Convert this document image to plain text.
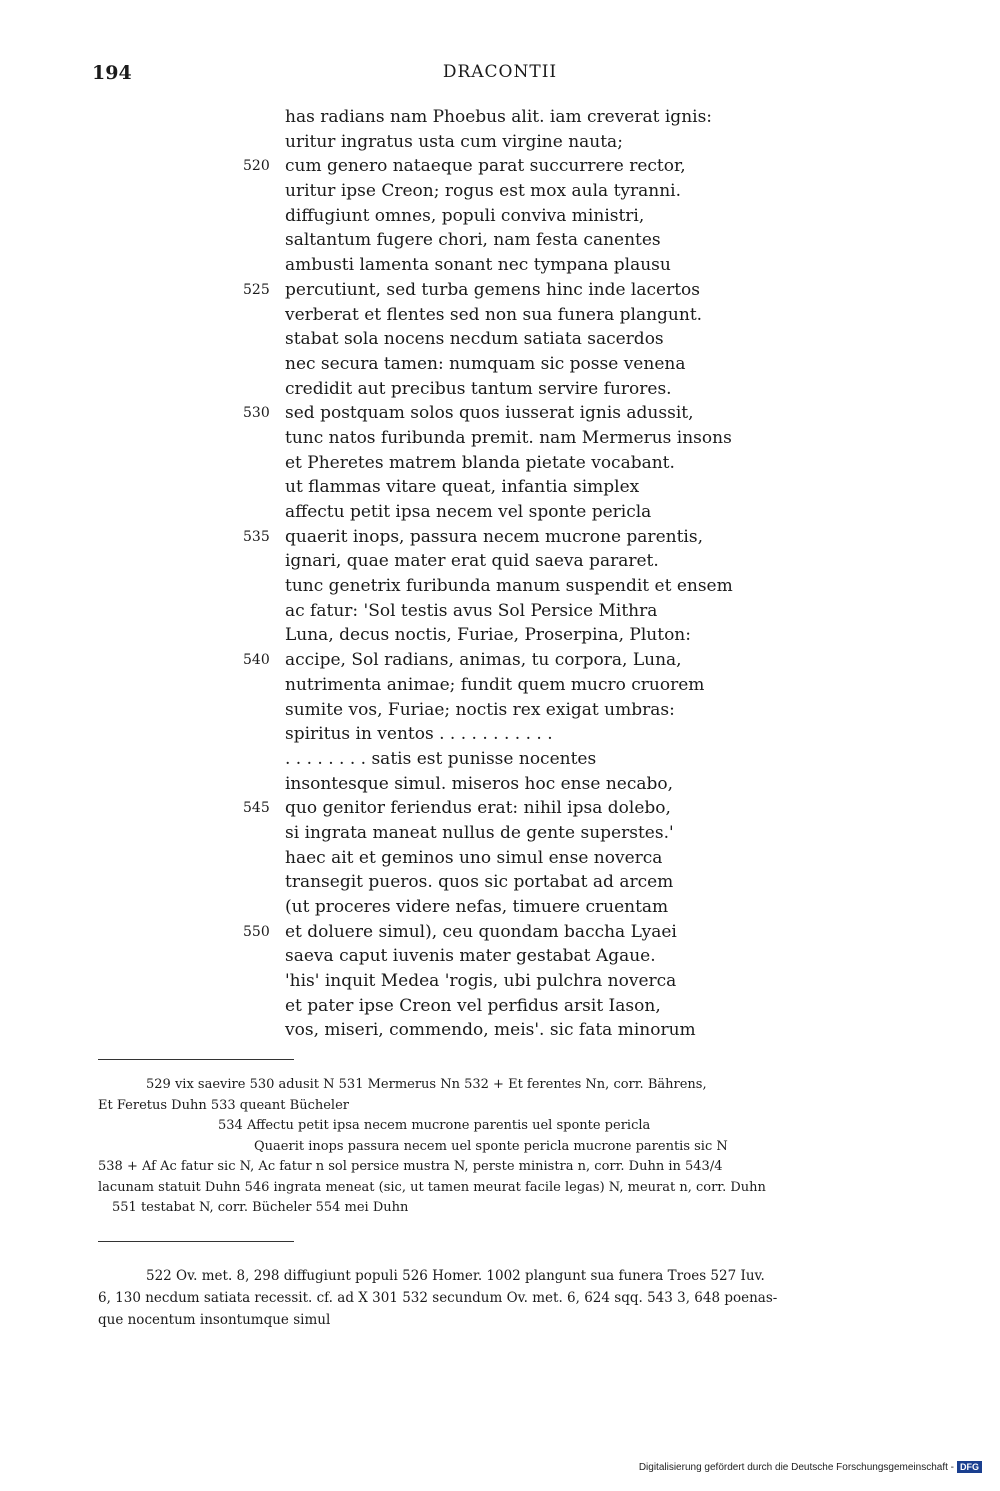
194	DRACONTII
has radians nam Phoebus alit. iam creverat ignis:
uritur ingratus usta cum virgine nauta;
520 cum genero nataeque parat succurrere rector,
uritur ipse Creon; rogus est mox aula tyranni.
diffugiunt omnes, populi conviva ministri,
saltantum fugere chori, nam festa canentes
ambusti lamenta sonant nec tympana plausu
525 percutiunt, sed turba gemens hinc inde lacertos
verberat et flentes sed non sua funera plangunt.
stabat sola nocens necdum satiata sacerdos
nec secura tamen: numquam sic posse venena
credidit aut precibus tantum servire furores.
530 sed postquam solos quos iusserat ignis adussit,
tunc natos furibunda premit. nam Mermerus insons
et Pheretes matrem blanda pietate vocabant.
ut flammas vitare queat, infantia simplex
affectu petit ipsa necem vel sponte pericla
535 quaerit inops, passura necem mucrone parentis,
ignari, quae mater erat quid saeva pararet.
tunc genetrix furibunda manum suspendit et ensem
ac fatur: 'Sol testis avus Sol Persice Mithra
Luna, decus noctis, Furiae, Proserpina, Pluton:
540 accipe, Sol radians, animas, tu corpora, Luna,
nutrimenta animae; fundit quem mucro cruorem
sumite vos, Furiae; noctis rex exigat umbras:
spiritus in ventos . . . . . . . . . . .
. . . . . . . . satis est punisse nocentes
insontesque simul. miseros hoc ense necabo,
545 quo genitor feriendus erat: nihil ipsa dolebo,
si ingrata maneat nullus de gente superstes.'
haec ait et geminos uno simul ense noverca
transegit pueros. quos sic portabat ad arcem
(ut proceres videre nefas, timuere cruentam
550 et doluere simul), ceu quondam baccha Lyaei
saeva caput iuvenis mater gestabat Agaue.
'his' inquit Medea 'rogis, ubi pulchra noverca
et pater ipse Creon vel perfidus arsit Iason,
vos, miseri, commendo, meis'. sic fata minorum
529 vix saevire 530 adusit N 531 Mermerus Nn 532 + Et ferentes Nn, corr. Bährens,
Et Feretus Duhn 533 queant Bücheler
534 Affectu petit ipsa necem mucrone parentis uel sponte pericla
Quaerit inops passura necem uel sponte pericla mucrone parentis sic N
538 + Af Ac fatur sic N, Ac fatur n sol persice mustra N, perste ministra n, corr. Duhn in 543/4
lacunam statuit Duhn 546 ingrata meneat (sic, ut tamen meurat facile legas) N, meurat n, corr. Duhn
551 testabat N, corr. Bücheler 554 mei Duhn
522 Ov. met. 8, 298 diffugiunt populi 526 Homer. 1002 plangunt sua funera Troes 527 Iuv.
6, 130 necdum satiata recessit. cf. ad X 301 532 secundum Ov. met. 6, 624 sqq. 543 3, 648 poenas-
que nocentum insontumque simul
Digitalisierung gefördert durch die Deutsche Forschungsgemeinschaft - DFG
